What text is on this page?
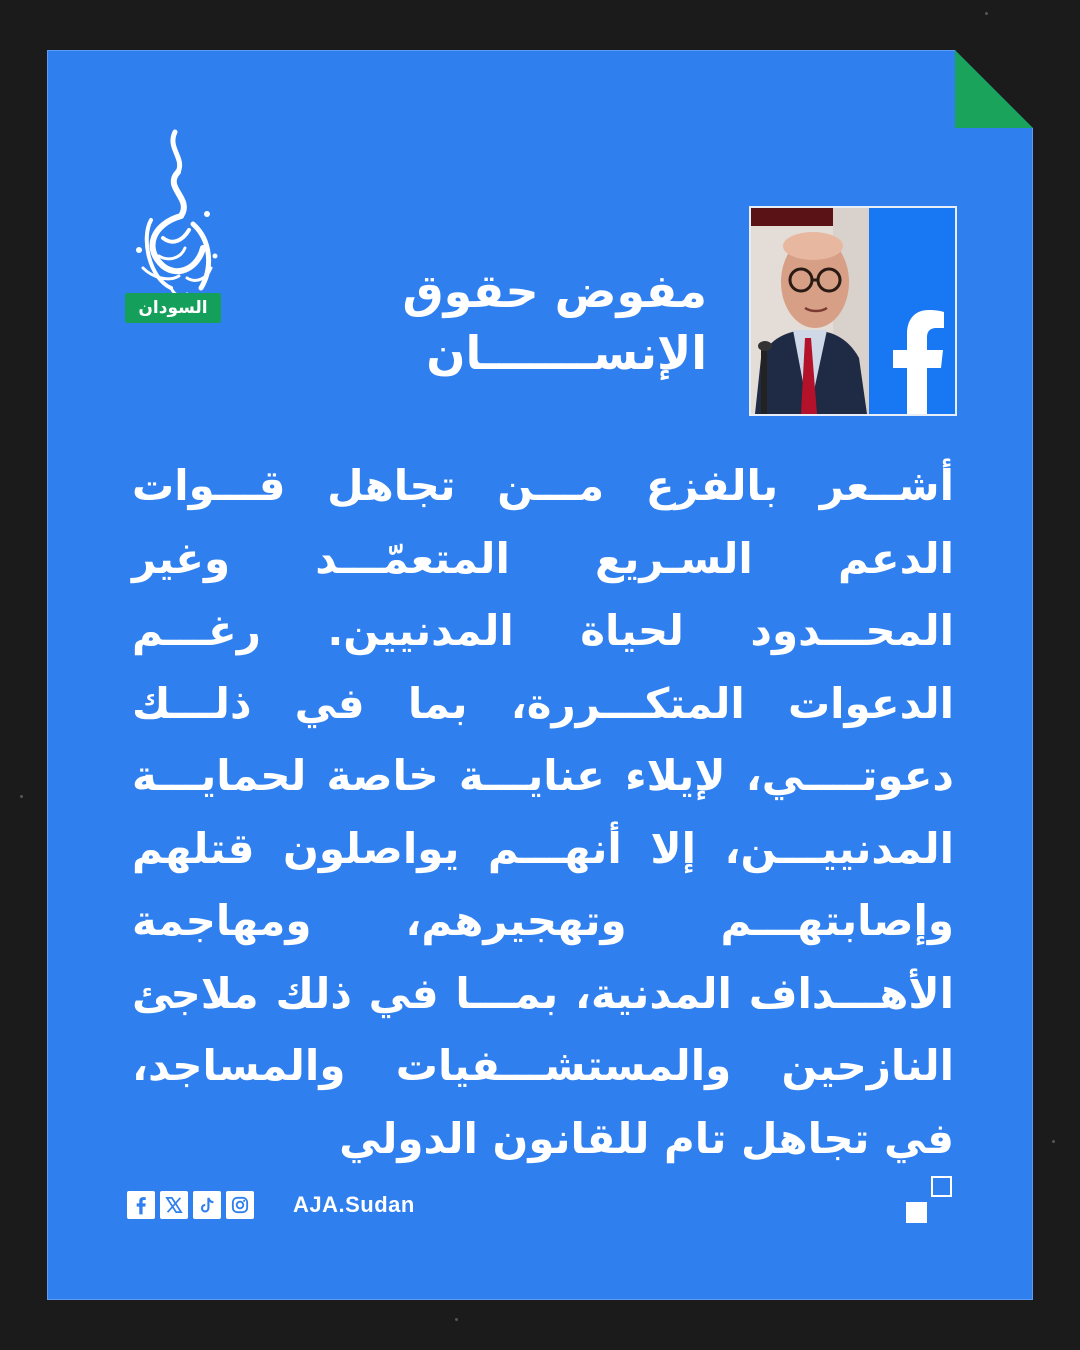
السودان	مفوض حقوق
الإنســـــــان
أشــعر بالفزع مـــن تجاهل قـــوات الدعم السـريع المتعمّـــد وغير المحـــدود لحياة المدنيين. رغـــم الدعوات المتكـــررة، بما في ذلـــك دعوتــــي، لإيلاء عنايـــة خاصة لحمايـــة المدنييـــن، إلا أنهـــم يواصلون قتلهم وإصابتهـــم وتهجيرهم، ومهاجمة الأهـــداف المدنية، بمـــا في ذلك ملاجئ النازحين والمستشـــفيات والمساجد، في تجاهل تام للقانون الدولي
AJA.Sudan
